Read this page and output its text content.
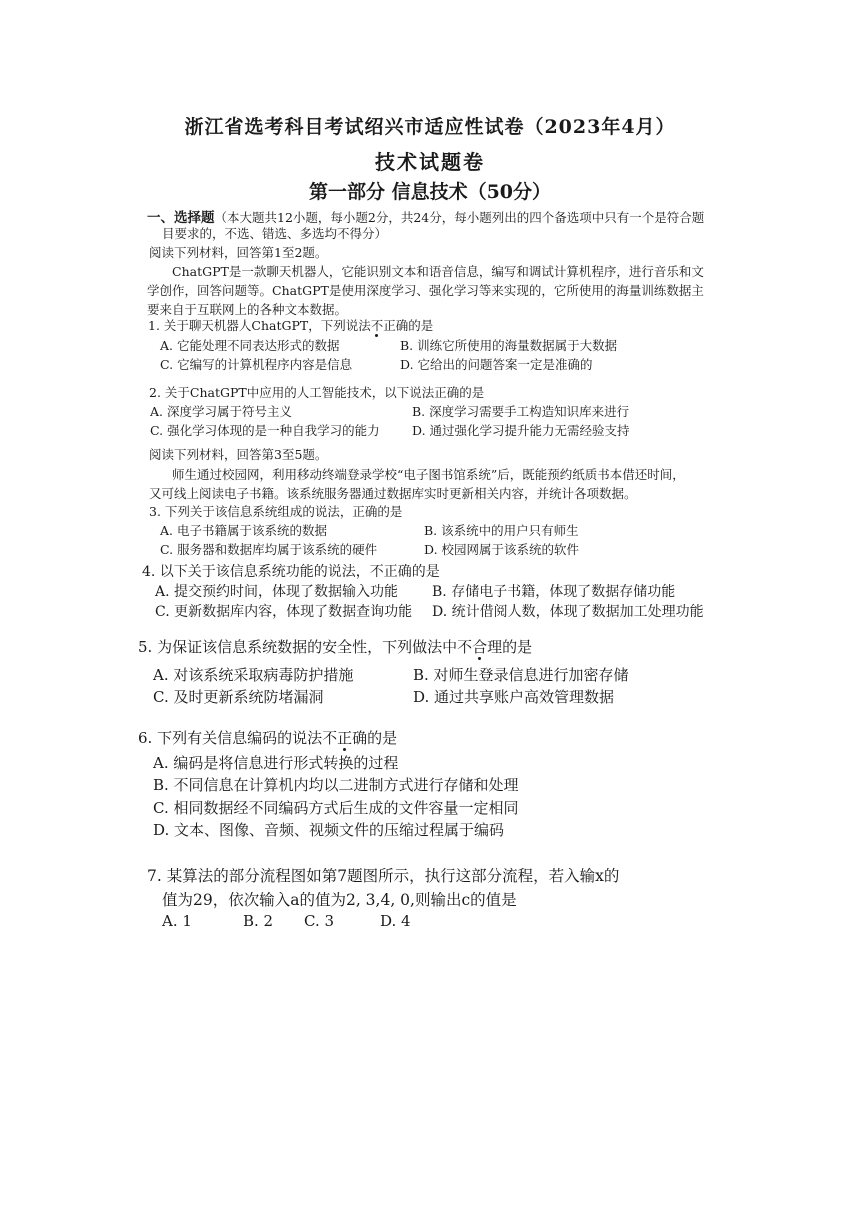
浙江省选考科目考试绍兴市适应性试卷（2023年4月）
技术试题卷
第一部分 信息技术（50分）
一、选择题（本大题共12小题，每小题2分，共24分，每小题列出的四个备选项中只有一个是符合题
目要求的，不选、错选、多选均不得分）
阅读下列材料，回答第1至2题。
ChatGPT是一款聊天机器人，它能识别文本和语音信息，编写和调试计算机程序，进行音乐和文
学创作，回答问题等。ChatGPT是使用深度学习、强化学习等来实现的，它所使用的海量训练数据主
要来自于互联网上的各种文本数据。
1. 关于聊天机器人ChatGPT，下列说法不正确的是
A. 它能处理不同表达形式的数据	B. 训练它所使用的海量数据属于大数据
C. 它编写的计算机程序内容是信息	D. 它给出的问题答案一定是准确的
2. 关于ChatGPT中应用的人工智能技术，以下说法正确的是
A. 深度学习属于符号主义	B. 深度学习需要手工构造知识库来进行
C. 强化学习体现的是一种自我学习的能力	D. 通过强化学习提升能力无需经验支持
阅读下列材料，回答第3至5题。
师生通过校园网，利用移动终端登录学校“电子图书馆系统”后，既能预约纸质书本借还时间，
又可线上阅读电子书籍。该系统服务器通过数据库实时更新相关内容，并统计各项数据。
3. 下列关于该信息系统组成的说法，正确的是
A. 电子书籍属于该系统的数据	B. 该系统中的用户只有师生
C. 服务器和数据库均属于该系统的硬件	D. 校园网属于该系统的软件
4. 以下关于该信息系统功能的说法，不正确的是
A. 提交预约时间，体现了数据输入功能 B. 存储电子书籍，体现了数据存储功能
C. 更新数据库内容，体现了数据查询功能 D. 统计借阅人数，体现了数据加工处理功能
5. 为保证该信息系统数据的安全性，下列做法中不合理的是
A. 对该系统采取病毒防护措施	B. 对师生登录信息进行加密存储
C. 及时更新系统防堵漏洞	D. 通过共享账户高效管理数据
6. 下列有关信息编码的说法不正确的是
A. 编码是将信息进行形式转换的过程
B. 不同信息在计算机内均以二进制方式进行存储和处理
C. 相同数据经不同编码方式后生成的文件容量一定相同
D. 文本、图像、音频、视频文件的压缩过程属于编码
7. 某算法的部分流程图如第7题图所示，执行这部分流程，若入输x的
值为29，依次输入a的值为2, 3,4, 0,则输出c的值是
A. 1	B. 2 C. 3	D. 4
